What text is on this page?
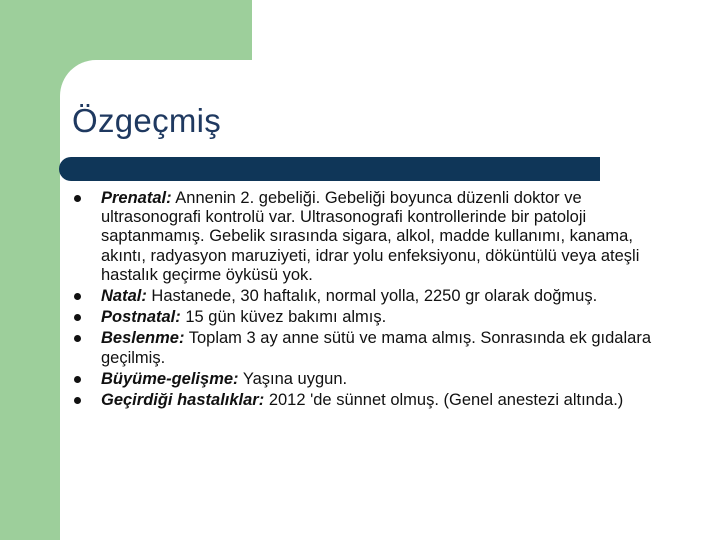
Özgeçmiş
Prenatal: Annenin 2. gebeliği. Gebeliği boyunca düzenli doktor ve ultrasonografi kontrolü var. Ultrasonografi kontrollerinde bir patoloji saptanmamış. Gebelik sırasında sigara, alkol, madde kullanımı, kanama, akıntı, radyasyon maruziyeti, idrar yolu enfeksiyonu, döküntülü veya ateşli hastalık geçirme öyküsü yok.
Natal: Hastanede, 30 haftalık, normal yolla, 2250 gr olarak doğmuş.
Postnatal: 15 gün küvez bakımı almış.
Beslenme: Toplam 3 ay anne sütü ve mama almış. Sonrasında ek gıdalara geçilmiş.
Büyüme-gelişme: Yaşına uygun.
Geçirdiği hastalıklar: 2012 'de sünnet olmuş. (Genel anestezi altında.)
